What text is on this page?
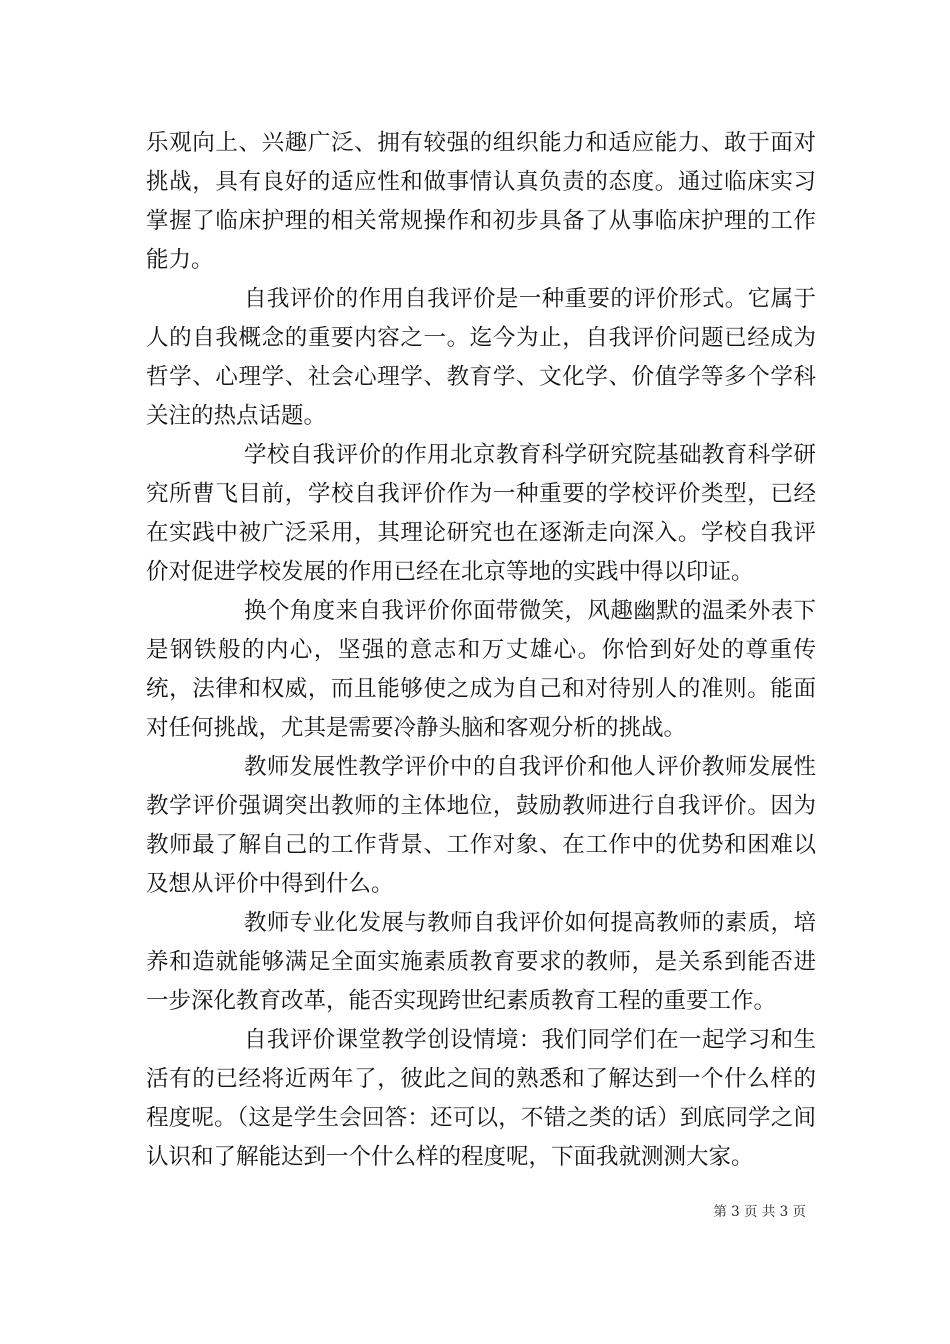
乐观向上、兴趣广泛、拥有较强的组织能力和适应能力、敢于面对挑战，具有良好的适应性和做事情认真负责的态度。通过临床实习掌握了临床护理的相关常规操作和初步具备了从事临床护理的工作能力。

自我评价的作用自我评价是一种重要的评价形式。它属于人的自我概念的重要内容之一。迄今为止，自我评价问题已经成为哲学、心理学、社会心理学、教育学、文化学、价值学等多个学科关注的热点话题。

学校自我评价的作用北京教育科学研究院基础教育科学研究所曹飞目前，学校自我评价作为一种重要的学校评价类型，已经在实践中被广泛采用，其理论研究也在逐渐走向深入。学校自我评价对促进学校发展的作用已经在北京等地的实践中得以印证。

换个角度来自我评价你面带微笑，风趣幽默的温柔外表下是钢铁般的内心，坚强的意志和万丈雄心。你恰到好处的尊重传统，法律和权威，而且能够使之成为自己和对待别人的准则。能面对任何挑战，尤其是需要冷静头脑和客观分析的挑战。

教师发展性教学评价中的自我评价和他人评价教师发展性教学评价强调突出教师的主体地位，鼓励教师进行自我评价。因为教师最了解自己的工作背景、工作对象、在工作中的优势和困难以及想从评价中得到什么。

教师专业化发展与教师自我评价如何提高教师的素质，培养和造就能够满足全面实施素质教育要求的教师，是关系到能否进一步深化教育改革，能否实现跨世纪素质教育工程的重要工作。

自我评价课堂教学创设情境：我们同学们在一起学习和生活有的已经将近两年了，彼此之间的熟悉和了解达到一个什么样的程度呢。（这是学生会回答：还可以，不错之类的话）到底同学之间认识和了解能达到一个什么样的程度呢，下面我就测测大家。

第 3 页 共 3 页
